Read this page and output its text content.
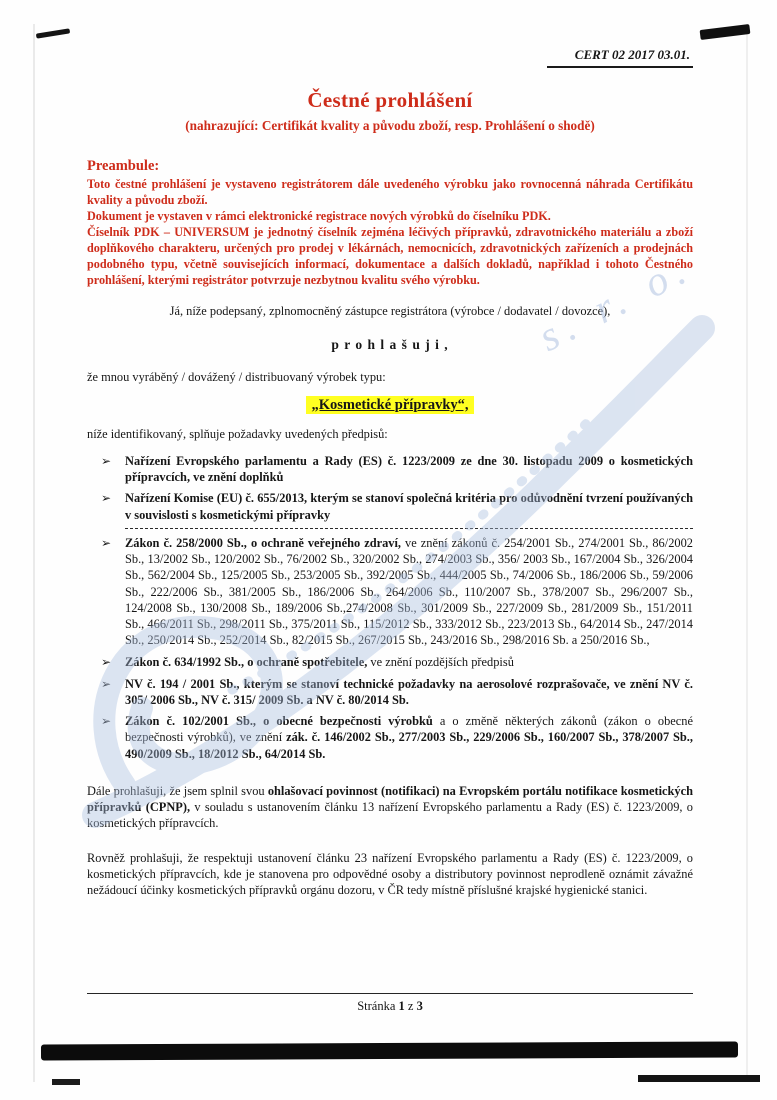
s. r. o.
CERT 02 2017 03.01.
Čestné prohlášení
(nahrazující: Certifikát kvality a původu zboží, resp. Prohlášení o shodě)
Preambule:

Toto čestné prohlášení je vystaveno registrátorem dále uvedeného výrobku jako rovnocenná náhrada Certifikátu kvality a původu zboží.

Dokument je vystaven v rámci elektronické registrace nových výrobků do číselníku PDK.

Číselník PDK – UNIVERSUM je jednotný číselník zejména léčivých přípravků, zdravotnického materiálu a zboží doplňkového charakteru, určených pro prodej v lékárnách, nemocnicích, zdravotnických zařízeních a prodejnách podobného typu, včetně souvisejících informací, dokumentace a dalších dokladů, například i tohoto Čestného prohlášení, kterými registrátor potvrzuje nezbytnou kvalitu svého výrobku.

Já, níže podepsaný, zplnomocněný zástupce registrátora (výrobce / dodavatel / dovozce),

p r o h l a š u j i ,

že mnou vyráběný / dovážený / distribuovaný výrobek typu:

„Kosmetické přípravky“,

níže identifikovaný, splňuje požadavky uvedených předpisů:

➢	Nařízení Evropského parlamentu a Rady (ES) č. 1223/2009 ze dne 30. listopadu 2009 o kosmetických přípravcích, ve znění doplňků
➢	Nařízení Komise (EU) č. 655/2013, kterým se stanoví společná kritéria pro odůvodnění tvrzení používaných v souvislosti s kosmetickými přípravky
➢	Zákon č. 258/2000 Sb., o ochraně veřejného zdraví, ve znění zákonů č. 254/2001 Sb., 274/2001 Sb., 86/2002 Sb., 13/2002 Sb., 120/2002 Sb., 76/2002 Sb., 320/2002 Sb., 274/2003 Sb., 356/ 2003 Sb., 167/2004 Sb., 326/2004 Sb., 562/2004 Sb., 125/2005 Sb., 253/2005 Sb., 392/2005 Sb., 444/2005 Sb., 74/2006 Sb., 186/2006 Sb., 59/2006 Sb., 222/2006 Sb., 381/2005 Sb., 186/2006 Sb., 264/2006 Sb., 110/2007 Sb., 378/2007 Sb., 296/2007 Sb., 124/2008 Sb., 130/2008 Sb., 189/2006 Sb.,274/2008 Sb., 301/2009 Sb., 227/2009 Sb., 281/2009 Sb., 151/2011 Sb., 466/2011 Sb., 298/2011 Sb., 375/2011 Sb., 115/2012 Sb., 333/2012 Sb., 223/2013 Sb., 64/2014 Sb., 247/2014 Sb., 250/2014 Sb., 252/2014 Sb., 82/2015 Sb., 267/2015 Sb., 243/2016 Sb., 298/2016 Sb. a 250/2016 Sb.,
➢	Zákon č. 634/1992 Sb., o ochraně spotřebitele, ve znění pozdějších předpisů
➢	NV č. 194 / 2001 Sb., kterým se stanoví technické požadavky na aerosolové rozprašovače, ve znění NV č. 305/ 2006 Sb., NV č. 315/ 2009 Sb. a NV č. 80/2014 Sb.
➢	Zákon č. 102/2001 Sb., o obecné bezpečnosti výrobků a o změně některých zákonů (zákon o obecné bezpečnosti výrobků), ve znění zák. č. 146/2002 Sb., 277/2003 Sb., 229/2006 Sb., 160/2007 Sb., 378/2007 Sb., 490/2009 Sb., 18/2012 Sb., 64/2014 Sb.

Dále prohlašuji, že jsem splnil svou ohlašovací povinnost (notifikaci) na Evropském portálu notifikace kosmetických přípravků (CPNP), v souladu s ustanovením článku 13 nařízení Evropského parlamentu a Rady (ES) č. 1223/2009, o kosmetických přípravcích.

Rovněž prohlašuji, že respektuji ustanovení článku 23 nařízení Evropského parlamentu a Rady (ES) č. 1223/2009, o kosmetických přípravcích, kde je stanovena pro odpovědné osoby a distributory povinnost neprodleně oznámit závažné nežádoucí účinky kosmetických přípravků orgánu dozoru, v ČR tedy místně příslušné krajské hygienické stanici.

Stránka 1 z 3
